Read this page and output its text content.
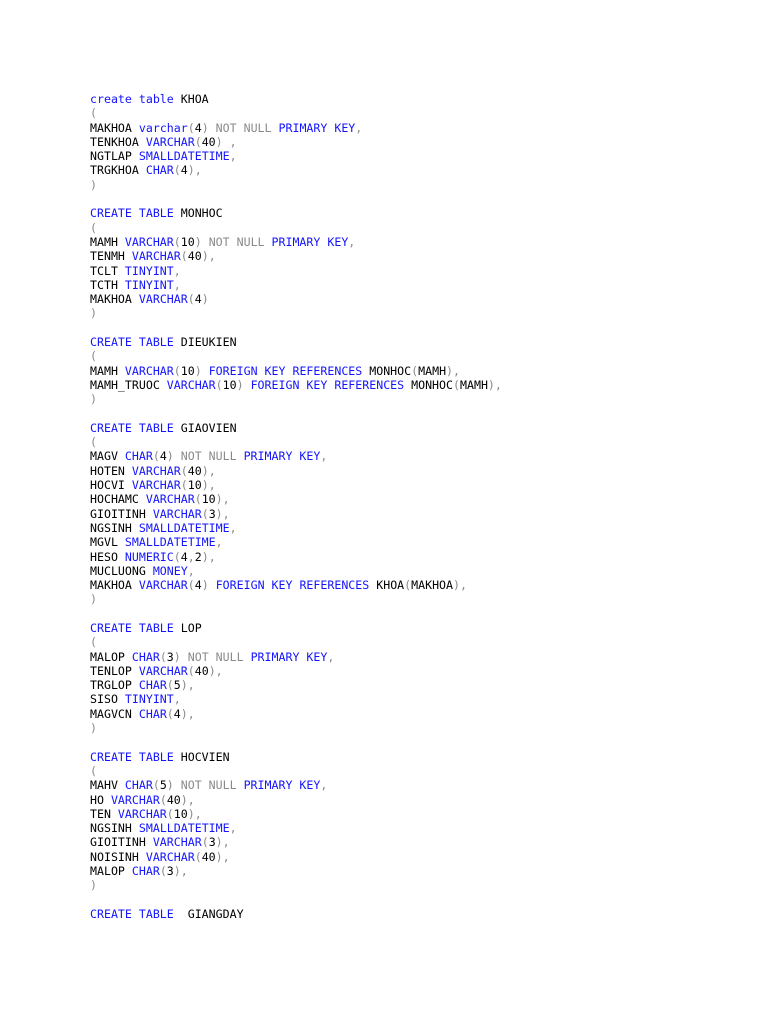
create table KHOA
(
MAKHOA varchar(4) NOT NULL PRIMARY KEY,
TENKHOA VARCHAR(40) ,
NGTLAP SMALLDATETIME,
TRGKHOA CHAR(4),
)
CREATE TABLE MONHOC
(
MAMH VARCHAR(10) NOT NULL PRIMARY KEY,
TENMH VARCHAR(40),
TCLT TINYINT,
TCTH TINYINT,
MAKHOA VARCHAR(4)
)
CREATE TABLE DIEUKIEN
(
MAMH VARCHAR(10) FOREIGN KEY REFERENCES MONHOC(MAMH),
MAMH_TRUOC VARCHAR(10) FOREIGN KEY REFERENCES MONHOC(MAMH),
)
CREATE TABLE GIAOVIEN
(
MAGV CHAR(4) NOT NULL PRIMARY KEY,
HOTEN VARCHAR(40),
HOCVI VARCHAR(10),
HOCHAMC VARCHAR(10),
GIOITINH VARCHAR(3),
NGSINH SMALLDATETIME,
MGVL SMALLDATETIME,
HESO NUMERIC(4,2),
MUCLUONG MONEY,
MAKHOA VARCHAR(4) FOREIGN KEY REFERENCES KHOA(MAKHOA),
)
CREATE TABLE LOP
(
MALOP CHAR(3) NOT NULL PRIMARY KEY,
TENLOP VARCHAR(40),
TRGLOP CHAR(5),
SISO TINYINT,
MAGVCN CHAR(4),
)
CREATE TABLE HOCVIEN
(
MAHV CHAR(5) NOT NULL PRIMARY KEY,
HO VARCHAR(40),
TEN VARCHAR(10),
NGSINH SMALLDATETIME,
GIOITINH VARCHAR(3),
NOISINH VARCHAR(40),
MALOP CHAR(3),
)
CREATE TABLE  GIANGDAY
